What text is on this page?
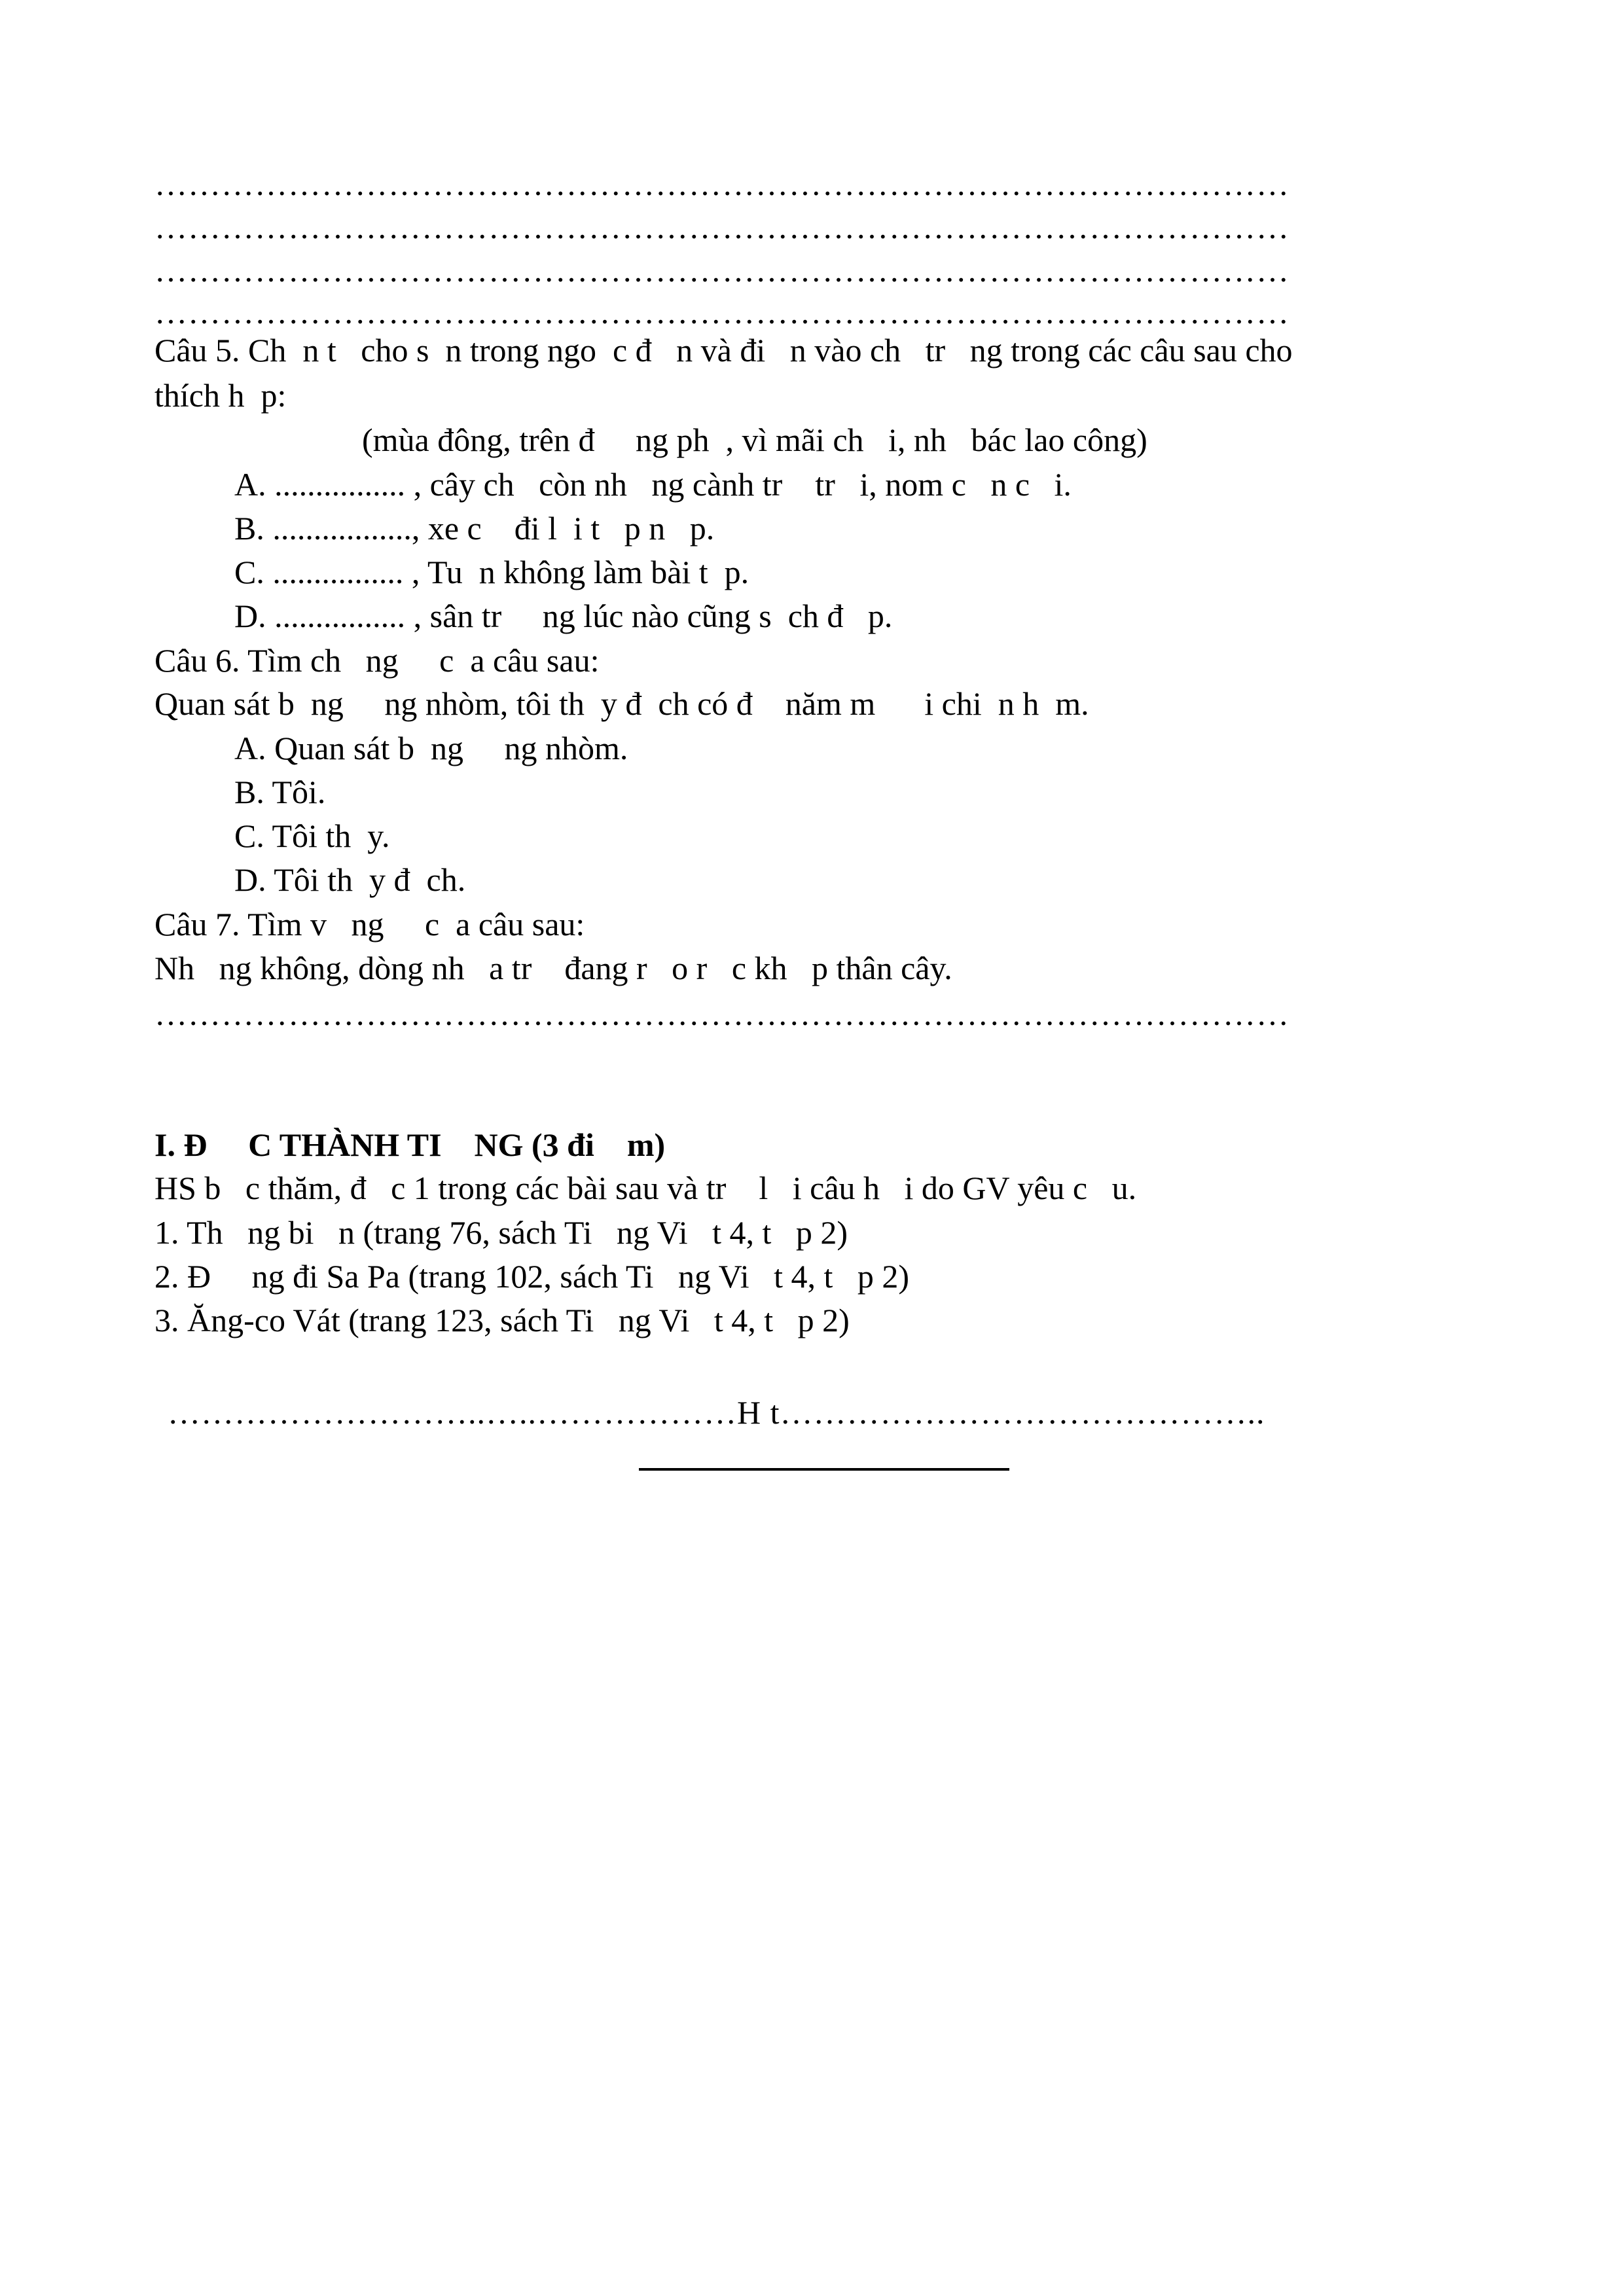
…………………………………………………………………………………………
…………………………………………………………………………………………
…………………………………………………………………………………………
…………………………………………………………………………………………
Câu 5. Ch  n t   cho s  n trong ngo  c đ   n và đi   n vào ch   tr   ng trong các câu sau cho
thích h  p:
(mùa đông, trên đ     ng ph  , vì mãi ch   i, nh   bác lao công)
A. ................ , cây ch   còn nh   ng cành tr    tr   i, nom c   n c   i.
B. ................., xe c    đi l  i t   p n   p.
C. ................ , Tu  n không làm bài t  p.
D. ................ , sân tr     ng lúc nào cũng s  ch đ   p.
Câu 6. Tìm ch   ng     c  a câu sau:
Quan sát b  ng     ng nhòm, tôi th  y đ  ch có đ    năm m      i chi  n h  m.
A. Quan sát b  ng     ng nhòm.
B. Tôi.
C. Tôi th  y.
D. Tôi th  y đ  ch.
Câu 7. Tìm v   ng     c  a câu sau:
Nh   ng không, dòng nh   a tr    đang r   o r   c kh   p thân cây.
…………………………………………………………………………………………
I. Đ     C THÀNH TI    NG (3 đi    m)
HS b   c thăm, đ   c 1 trong các bài sau và tr    l   i câu h   i do GV yêu c   u.
1. Th   ng bi   n (trang 76, sách Ti   ng Vi   t 4, t   p 2)
2. Đ     ng đi Sa Pa (trang 102, sách Ti   ng Vi   t 4, t   p 2)
3. Ăng-co Vát (trang 123, sách Ti   ng Vi   t 4, t   p 2)
………………………..…..………………H t……………………………………..
